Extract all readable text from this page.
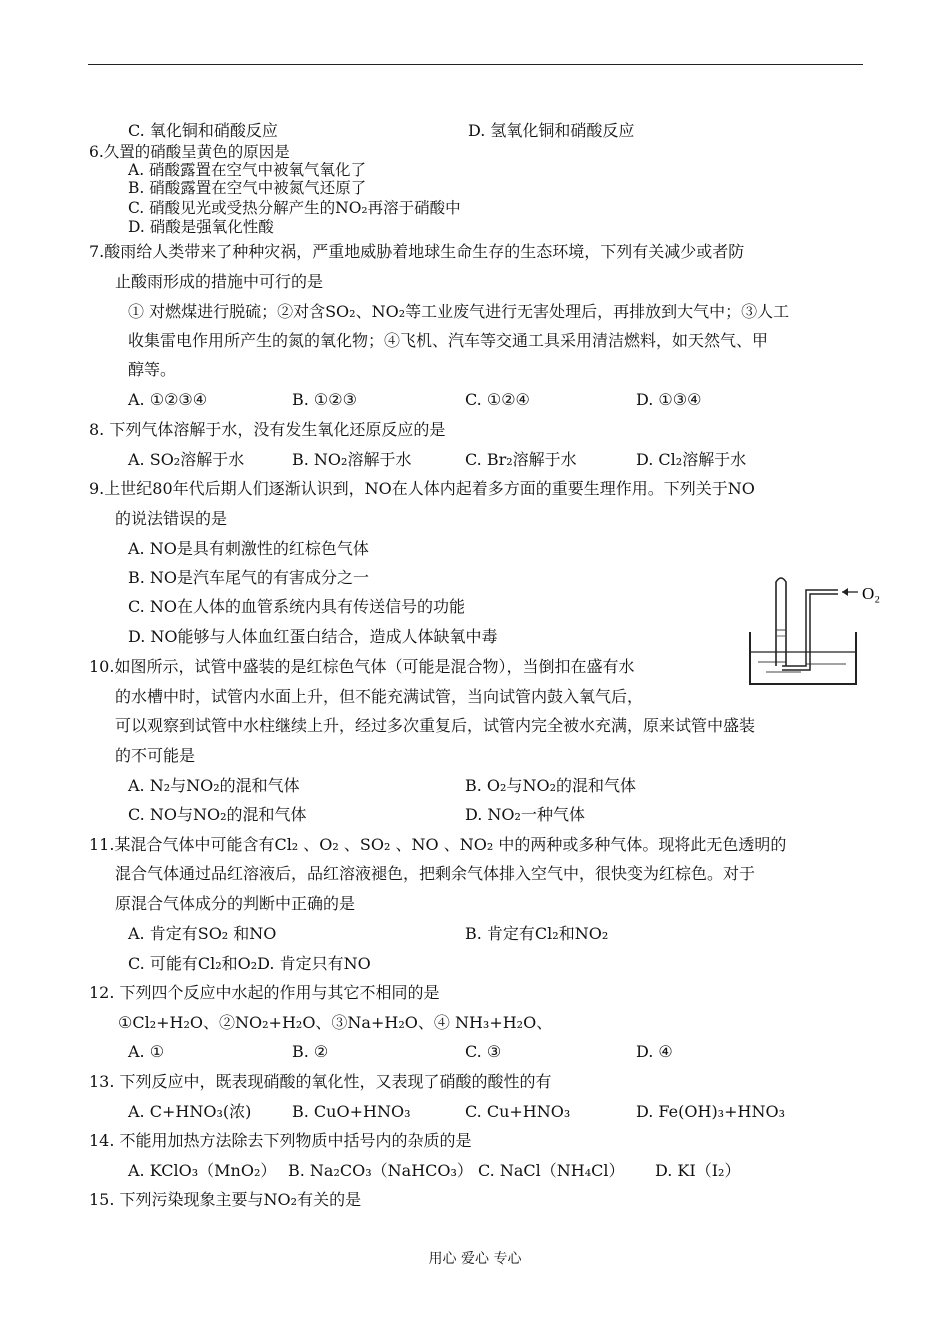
C. 氧化铜和硝酸反应	D. 氢氧化铜和硝酸反应
6.久置的硝酸呈黄色的原因是
A. 硝酸露置在空气中被氧气氧化了
B. 硝酸露置在空气中被氮气还原了
C. 硝酸见光或受热分解产生的NO₂再溶于硝酸中
D. 硝酸是强氧化性酸
7.酸雨给人类带来了种种灾祸，严重地威胁着地球生命生存的生态环境，下列有关减少或者防
止酸雨形成的措施中可行的是
① 对燃煤进行脱硫；②对含SO₂、NO₂等工业废气进行无害处理后，再排放到大气中；③人工
收集雷电作用所产生的氮的氧化物；④飞机、汽车等交通工具采用清洁燃料，如天然气、甲
醇等。
A. ①②③④	B. ①②③	C. ①②④	D. ①③④
8. 下列气体溶解于水，没有发生氧化还原反应的是
A. SO₂溶解于水	B. NO₂溶解于水	C. Br₂溶解于水	D. Cl₂溶解于水
9.上世纪80年代后期人们逐渐认识到，NO在人体内起着多方面的重要生理作用。下列关于NO
的说法错误的是
A. NO是具有刺激性的红棕色气体
B. NO是汽车尾气的有害成分之一
C. NO在人体的血管系统内具有传送信号的功能
D. NO能够与人体血红蛋白结合，造成人体缺氧中毒
O₂
10.如图所示，试管中盛装的是红棕色气体（可能是混合物），当倒扣在盛有水
的水槽中时，试管内水面上升，但不能充满试管，当向试管内鼓入氧气后，
可以观察到试管中水柱继续上升，经过多次重复后，试管内完全被水充满，原来试管中盛装
的不可能是
A. N₂与NO₂的混和气体	B. O₂与NO₂的混和气体
C. NO与NO₂的混和气体	D. NO₂一种气体
11.某混合气体中可能含有Cl₂ 、O₂ 、SO₂ 、NO 、NO₂ 中的两种或多种气体。现将此无色透明的
混合气体通过品红溶液后，品红溶液褪色，把剩余气体排入空气中，很快变为红棕色。对于
原混合气体成分的判断中正确的是
A. 肯定有SO₂ 和NO	B. 肯定有Cl₂和NO₂
C. 可能有Cl₂和O₂D. 肯定只有NO
12. 下列四个反应中水起的作用与其它不相同的是
①Cl₂+H₂O、②NO₂+H₂O、③Na+H₂O、④ NH₃+H₂O、
A. ①	B. ②	C. ③	D. ④
13. 下列反应中，既表现硝酸的氧化性，又表现了硝酸的酸性的有
A. C+HNO₃(浓)	B. CuO+HNO₃	C. Cu+HNO₃	D. Fe(OH)₃+HNO₃
14. 不能用加热方法除去下列物质中括号内的杂质的是
A. KClO₃（MnO₂） B. Na₂CO₃（NaHCO₃） C. NaCl（NH₄Cl） D. KI（I₂）
15. 下列污染现象主要与NO₂有关的是
用心 爱心 专心
